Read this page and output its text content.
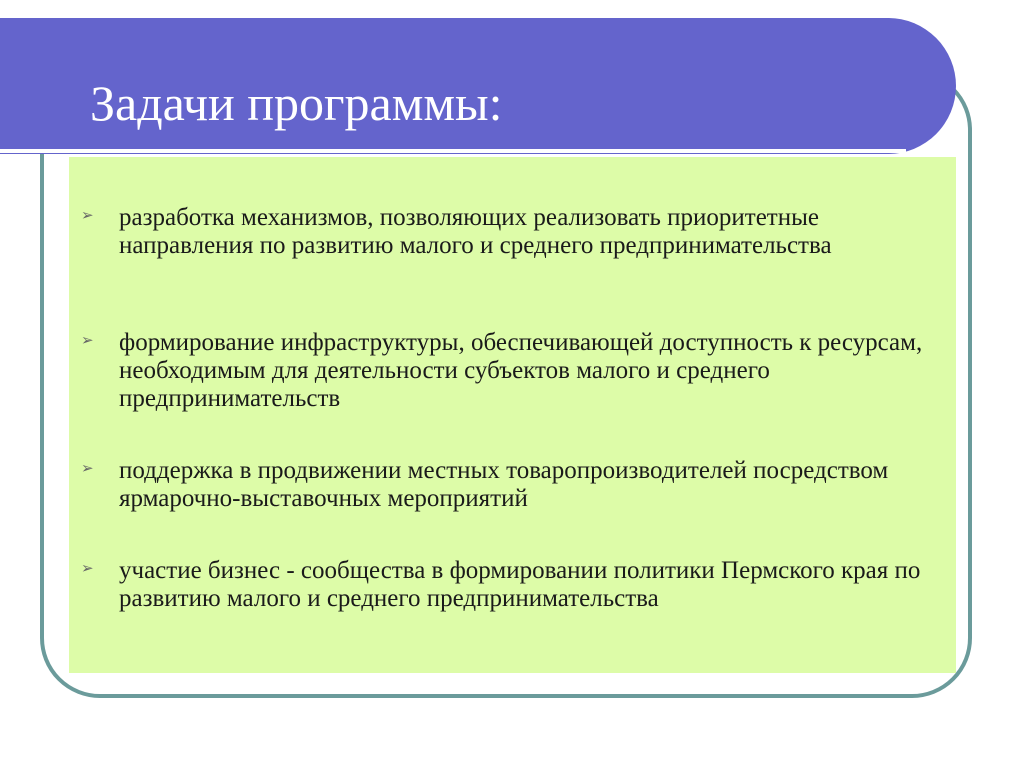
Задачи программы:
➢ разработка механизмов, позволяющих реализовать приоритетные направления по развитию малого и среднего предпринимательства
➢ формирование инфраструктуры, обеспечивающей доступность к ресурсам, необходимым для деятельности субъектов малого и среднего предпринимательств
➢ поддержка в продвижении местных товаропроизводителей посредством ярмарочно-выставочных мероприятий
➢ участие бизнес - сообщества в формировании политики Пермского края по развитию малого и среднего предпринимательства
